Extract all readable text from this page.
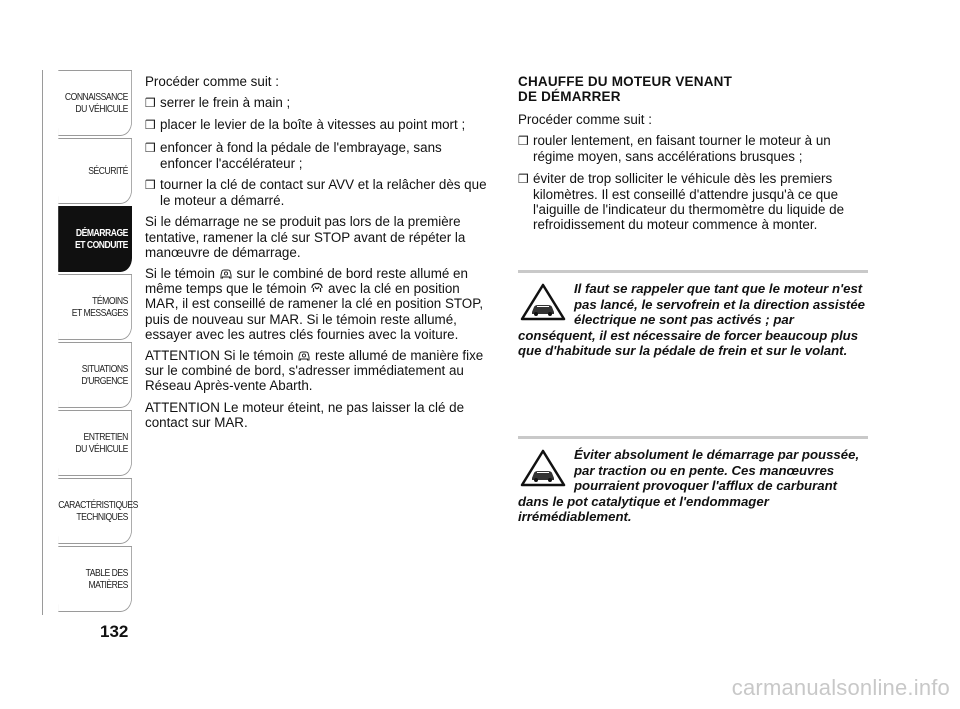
CONNAISSANCE
DU VÉHICULE
SÉCURITÉ
DÉMARRAGE
ET CONDUITE
TÉMOINS
ET MESSAGES
SITUATIONS
D'URGENCE
ENTRETIEN
DU VÉHICULE
CARACTÉRISTIQUES
TECHNIQUES
TABLE DES
MATIÈRES
132

Procéder comme suit :

❒ serrer le frein à main ;

❒ placer le levier de la boîte à vitesses au point mort ;

❒ enfoncer à fond la pédale de l'embrayage, sans enfoncer l'accélérateur ;

❒ tourner la clé de contact sur AVV et la relâcher dès que le moteur a démarré.

Si le démarrage ne se produit pas lors de la première tentative, ramener la clé sur STOP avant de répéter la manœuvre de démarrage.

Si le témoin sur le combiné de bord reste allumé en même temps que le témoin avec la clé en position MAR, il est conseillé de ramener la clé en position STOP, puis de nouveau sur MAR. Si le témoin reste allumé, essayer avec les autres clés fournies avec la voiture.

ATTENTION Si le témoin reste allumé de manière fixe sur le combiné de bord, s'adresser immédiatement au Réseau Après-vente Abarth.

ATTENTION Le moteur éteint, ne pas laisser la clé de contact sur MAR.

CHAUFFE DU MOTEUR VENANT
DE DÉMARRER

Procéder comme suit :

❒ rouler lentement, en faisant tourner le moteur à un régime moyen, sans accélérations brusques ;

❒ éviter de trop solliciter le véhicule dès les premiers kilomètres. Il est conseillé d'attendre jusqu'à ce que l'aiguille de l'indicateur du thermomètre du liquide de refroidissement du moteur commence à monter.

Il faut se rappeler que tant que le moteur n'est pas lancé, le servofrein et la direction assistée électrique ne sont pas activés ; par conséquent, il est nécessaire de forcer beaucoup plus que d'habitude sur la pédale de frein et sur le volant.
Éviter absolument le démarrage par poussée, par traction ou en pente. Ces manœuvres pourraient provoquer l'afflux de carburant dans le pot catalytique et l'endommager irrémédiablement.
carmanualsonline.info
